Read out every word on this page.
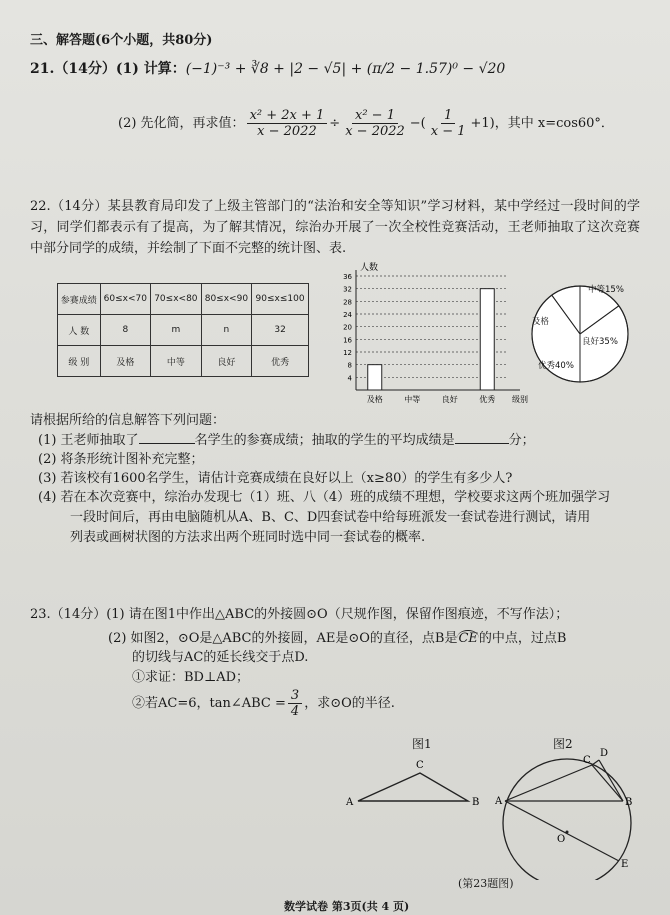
三、解答题(6个小题，共80分)
21.（14分）(1) 计算：(−1)⁻³ + ∛8 + |2 − √5| + (π/2 − 1.57)⁰ − √20
(2) 先化简，再求值： $\frac{\text{x² + 2x + 1}}{x - 2022} \div \frac{\text{x² − 1}}{x - 2022}$ −( $\frac{1}{x - 1} +1$)，其中 x=cos60°．
22.（14分）某县教育局印发了上级主管部门的“法治和安全等知识”学习材料，某中学经过一段时间的学习，同学们都表示有了提高，为了解其情况，综治办开展了一次全校性竞赛活动，王老师抽取了这次竞赛中部分同学的成绩，并绘制了下面不完整的统计图、表.
参赛成绩	60≤x<70	70≤x<80	80≤x<90	90≤x≤100
人 数	8	m	n	32
级 别	及格	中等	良好	优秀
人数
4
8
12
16
20
24
28
32
36
及格	中等	良好	优秀 级别
中等15%
良好35%
优秀40%
及格
请根据所给的信息解答下列问题：
(1) 王老师抽取了	名学生的参赛成绩；抽取的学生的平均成绩是	分；
(2) 将条形统计图补充完整；
(3) 若该校有1600名学生，请估计竞赛成绩在良好以上（x≥80）的学生有多少人?
(4) 若在本次竞赛中，综治办发现七（1）班、八（4）班的成绩不理想，学校要求这两个班加强学习
一段时间后，再由电脑随机从A、B、C、D四套试卷中给每班派发一套试卷进行测试，请用
列表或画树状图的方法求出两个班同时选中同一套试卷的概率.
23.（14分）(1) 请在图1中作出△ABC的外接圆⊙O（尺规作图，保留作图痕迹，不写作法）；
(2) 如图2，⊙O是△ABC的外接圆，AE是⊙O的直径，点B是CE的中点，过点B
的切线与AC的延长线交于点D.
①求证：BD⊥AD；
②若AC=6，tan∠ABC = $\frac{3}{4}$ ，求⊙O的半径.
图1	图2
A	B
C
A	B
C
D
O
E
(第23题图)
数学试卷 第3页(共 4 页)
